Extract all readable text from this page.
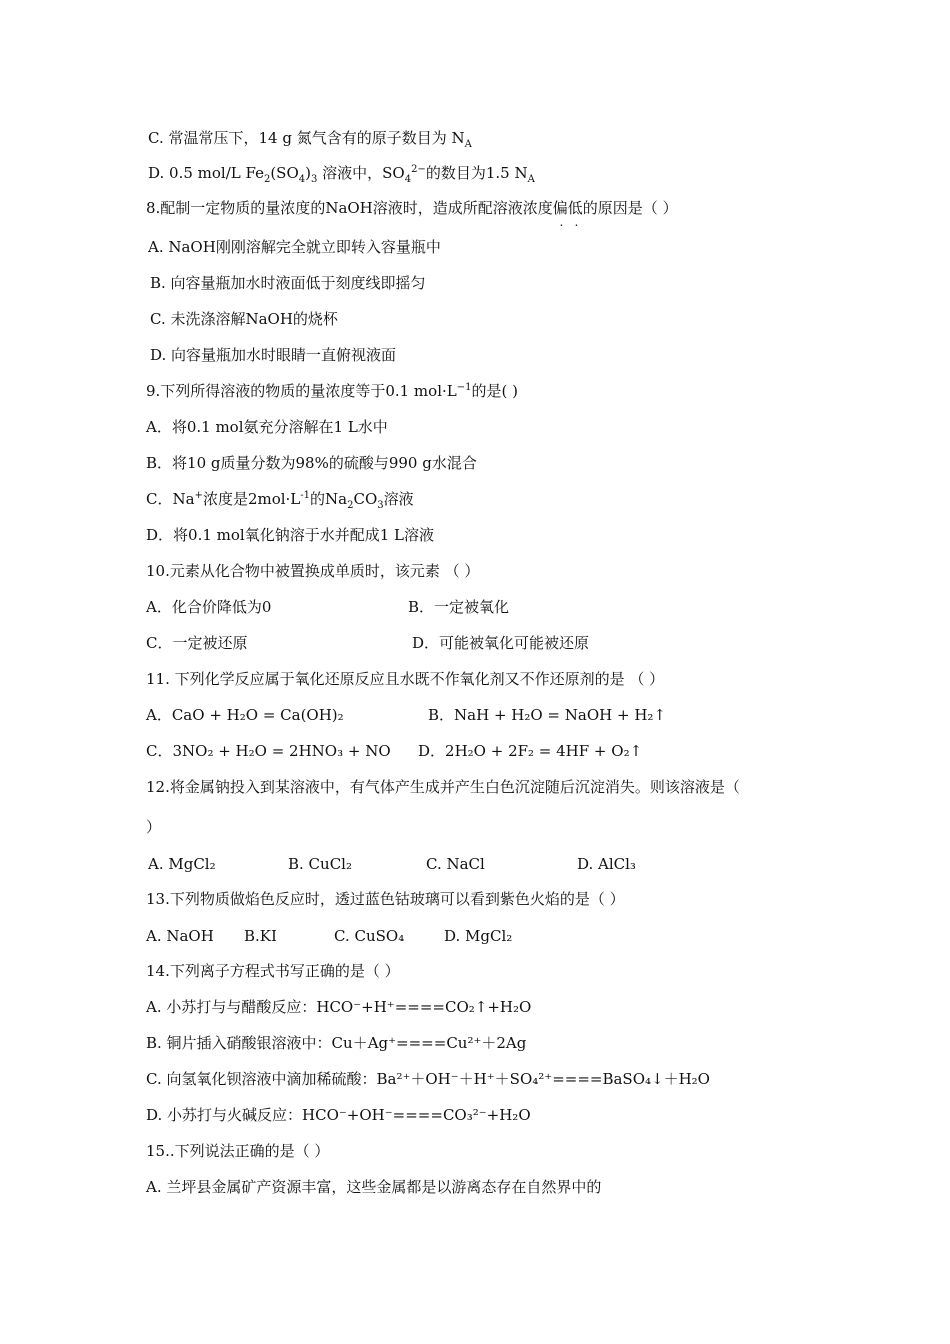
C. 常温常压下，14 g 氮气含有的原子数目为 $N_A$
D. 0.5 mol/L $Fe_2(SO_4)_3$ 溶液中，$SO_4^{2-}$的数目为1.5 $N_A$
8.配制一定物质的量浓度的NaOH溶液时，造成所配溶液浓度偏低的原因是（ ）
A. NaOH刚刚溶解完全就立即转入容量瓶中
B. 向容量瓶加水时液面低于刻度线即摇匀
C. 未洗涤溶解NaOH的烧杯
D. 向容量瓶加水时眼睛一直俯视液面
9.下列所得溶液的物质的量浓度等于0.1 $mol\cdot L^{-1}$的是( )
A．将0.1 mol氨充分溶解在1 L水中
B．将10 g质量分数为98%的硫酸与990 g水混合
C．Na+浓度是$2mol\cdot L^{-1}$的$Na_2CO_3$溶液
D．将0.1 mol氧化钠溶于水并配成1 L溶液
10.元素从化合物中被置换成单质时，该元素 （ ）
A．化合价降低为0	B．一定被氧化
C．一定被还原	D．可能被氧化可能被还原
11. 下列化学反应属于氧化还原反应且水既不作氧化剂又不作还原剂的是 （ ）
A．CaO + H₂O = Ca(OH)₂	B．NaH + H₂O = NaOH + H₂↑
C．3NO₂ + H₂O = 2HNO₃ + NO D．2H₂O + 2F₂ = 4HF + O₂↑
12.将金属钠投入到某溶液中，有气体产生成并产生白色沉淀随后沉淀消失。则该溶液是（
）
A. MgCl₂	B. CuCl₂	C. NaCl	D. AlCl₃
13.下列物质做焰色反应时，透过蓝色钴玻璃可以看到紫色火焰的是（ ）
A. NaOH B.KI	C. CuSO₄	D. MgCl₂
14.下列离子方程式书写正确的是（ ）
A. 小苏打与与醋酸反应：HCO⁻+H⁺====CO₂↑+H₂O
B. 铜片插入硝酸银溶液中：Cu＋Ag⁺====Cu²⁺＋2Ag
C. 向氢氧化钡溶液中滴加稀硫酸：Ba²⁺＋OH⁻＋H⁺＋SO₄²⁺====BaSO₄↓＋H₂O
D. 小苏打与火碱反应：HCO⁻+OH⁻====CO₃²⁻+H₂O
15..下列说法正确的是（ ）
A. 兰坪县金属矿产资源丰富，这些金属都是以游离态存在自然界中的
